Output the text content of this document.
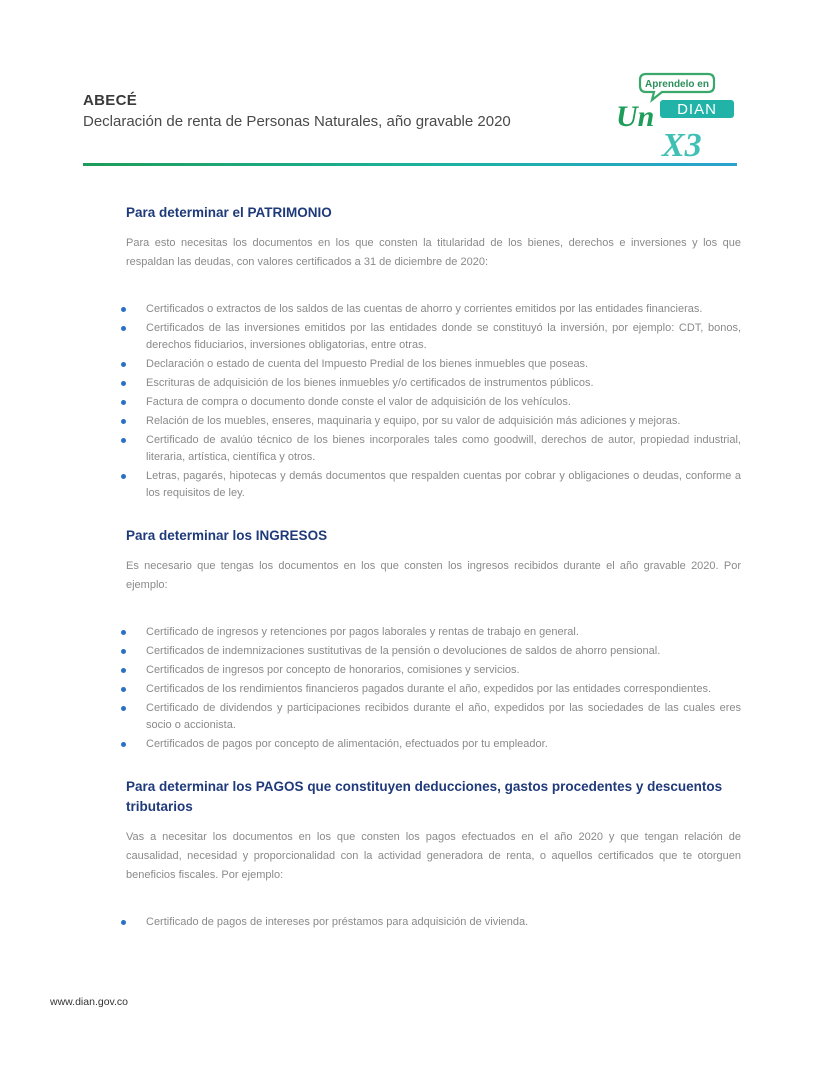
ABECÉ
Declaración de renta de Personas Naturales, año gravable 2020
Aprendelo en
Un DIAN
X3
Para determinar el PATRIMONIO

Para esto necesitas los documentos en los que consten la titularidad de los bienes, derechos e inversiones y los que respaldan las deudas, con valores certificados a 31 de diciembre de 2020:

Certificados o extractos de los saldos de las cuentas de ahorro y corrientes emitidos por las entidades financieras.
Certificados de las inversiones emitidos por las entidades donde se constituyó la inversión, por ejemplo: CDT, bonos, derechos fiduciarios, inversiones obligatorias, entre otras.
Declaración o estado de cuenta del Impuesto Predial de los bienes inmuebles que poseas.
Escrituras de adquisición de los bienes inmuebles y/o certificados de instrumentos públicos.
Factura de compra o documento donde conste el valor de adquisición de los vehículos.
Relación de los muebles, enseres, maquinaria y equipo, por su valor de adquisición más adiciones y mejoras.
Certificado de avalúo técnico de los bienes incorporales tales como goodwill, derechos de autor, propiedad industrial, literaria, artística, científica y otros.
Letras, pagarés, hipotecas y demás documentos que respalden cuentas por cobrar y obligaciones o deudas, conforme a los requisitos de ley.
Para determinar los INGRESOS

Es necesario que tengas los documentos en los que consten los ingresos recibidos durante el año gravable 2020. Por ejemplo:

Certificado de ingresos y retenciones por pagos laborales y rentas de trabajo en general.
Certificados de indemnizaciones sustitutivas de la pensión o devoluciones de saldos de ahorro pensional.
Certificados de ingresos por concepto de honorarios, comisiones y servicios.
Certificados de los rendimientos financieros pagados durante el año, expedidos por las entidades correspondientes.
Certificado de dividendos y participaciones recibidos durante el año, expedidos por las sociedades de las cuales eres socio o accionista.
Certificados de pagos por concepto de alimentación, efectuados por tu empleador.
Para determinar los PAGOS que constituyen deducciones, gastos procedentes y descuentos tributarios

Vas a necesitar los documentos en los que consten los pagos efectuados en el año 2020 y que tengan relación de causalidad, necesidad y proporcionalidad con la actividad generadora de renta, o aquellos certificados que te otorguen beneficios fiscales. Por ejemplo:

Certificado de pagos de intereses por préstamos para adquisición de vivienda.
www.dian.gov.co
